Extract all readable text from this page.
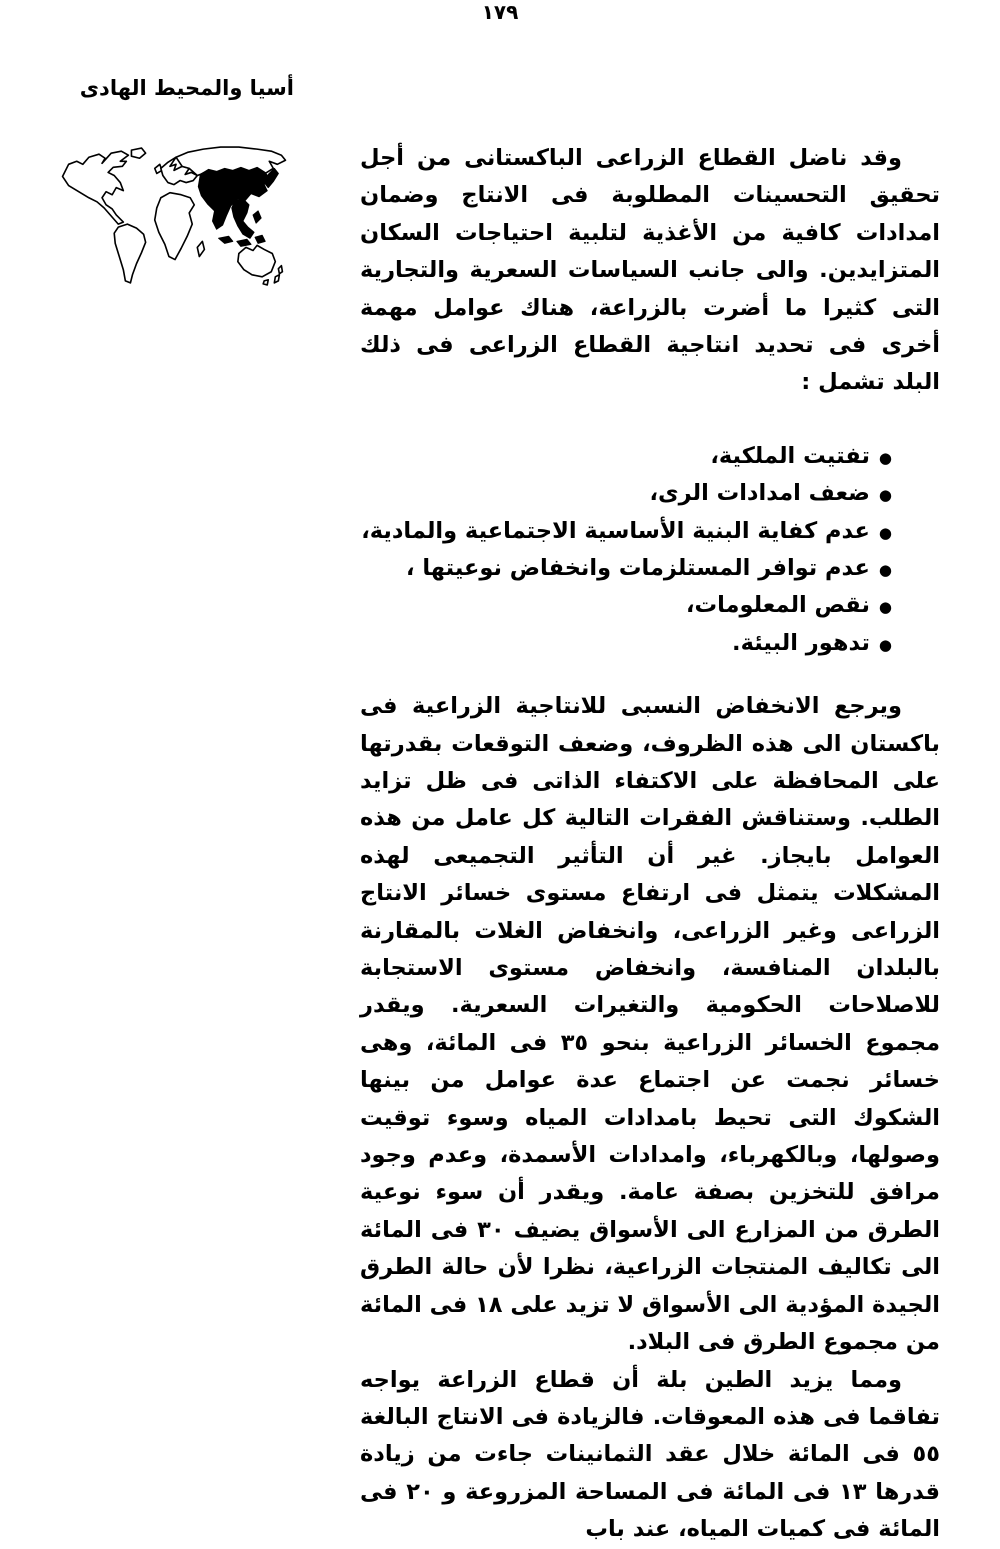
١٧٩
أسيا والمحيط الهادى

وقد ناضل القطاع الزراعى الباكستانى من أجل تحقيق التحسينات المطلوبة فى الانتاج وضمان امدادات كافية من الأغذية لتلبية احتياجات السكان المتزايدين. والى جانب السياسات السعرية والتجارية التى كثيرا ما أضرت بالزراعة، هناك عوامل مهمة أخرى فى تحديد انتاجية القطاع الزراعى فى ذلك البلد تشمل :

●
تفتيت الملكية،
●
ضعف امدادات الرى،
●
عدم كفاية البنية الأساسية الاجتماعية والمادية،
●
عدم توافر المستلزمات وانخفاض نوعيتها ،
●
نقص المعلومات،
●
تدهور البيئة.

ويرجع الانخفاض النسبى للانتاجية الزراعية فى باكستان الى هذه الظروف، وضعف التوقعات بقدرتها على المحافظة على الاكتفاء الذاتى فى ظل تزايد الطلب. وستناقش الفقرات التالية كل عامل من هذه العوامل بايجاز. غير أن التأثير التجميعى لهذه المشكلات يتمثل فى ارتفاع مستوى خسائر الانتاج الزراعى وغير الزراعى، وانخفاض الغلات بالمقارنة بالبلدان المنافسة، وانخفاض مستوى الاستجابة للاصلاحات الحكومية والتغيرات السعرية. ويقدر مجموع الخسائر الزراعية بنحو ٣٥ فى المائة، وهى خسائر نجمت عن اجتماع عدة عوامل من بينها الشكوك التى تحيط بامدادات المياه وسوء توقيت وصولها، وبالكهرباء، وامدادات الأسمدة، وعدم وجود مرافق للتخزين بصفة عامة. ويقدر أن سوء نوعية الطرق من المزارع الى الأسواق يضيف ٣٠ فى المائة الى تكاليف المنتجات الزراعية، نظرا لأن حالة الطرق الجيدة المؤدية الى الأسواق لا تزيد على ١٨ فى المائة من مجموع الطرق فى البلاد.

ومما يزيد الطين بلة أن قطاع الزراعة يواجه تفاقما فى هذه المعوقات. فالزيادة فى الانتاج البالغة ٥٥ فى المائة خلال عقد الثمانينات جاءت من زيادة قدرها ١٣ فى المائة فى المساحة المزروعة و ٢٠ فى المائة فى كميات المياه، عند باب
